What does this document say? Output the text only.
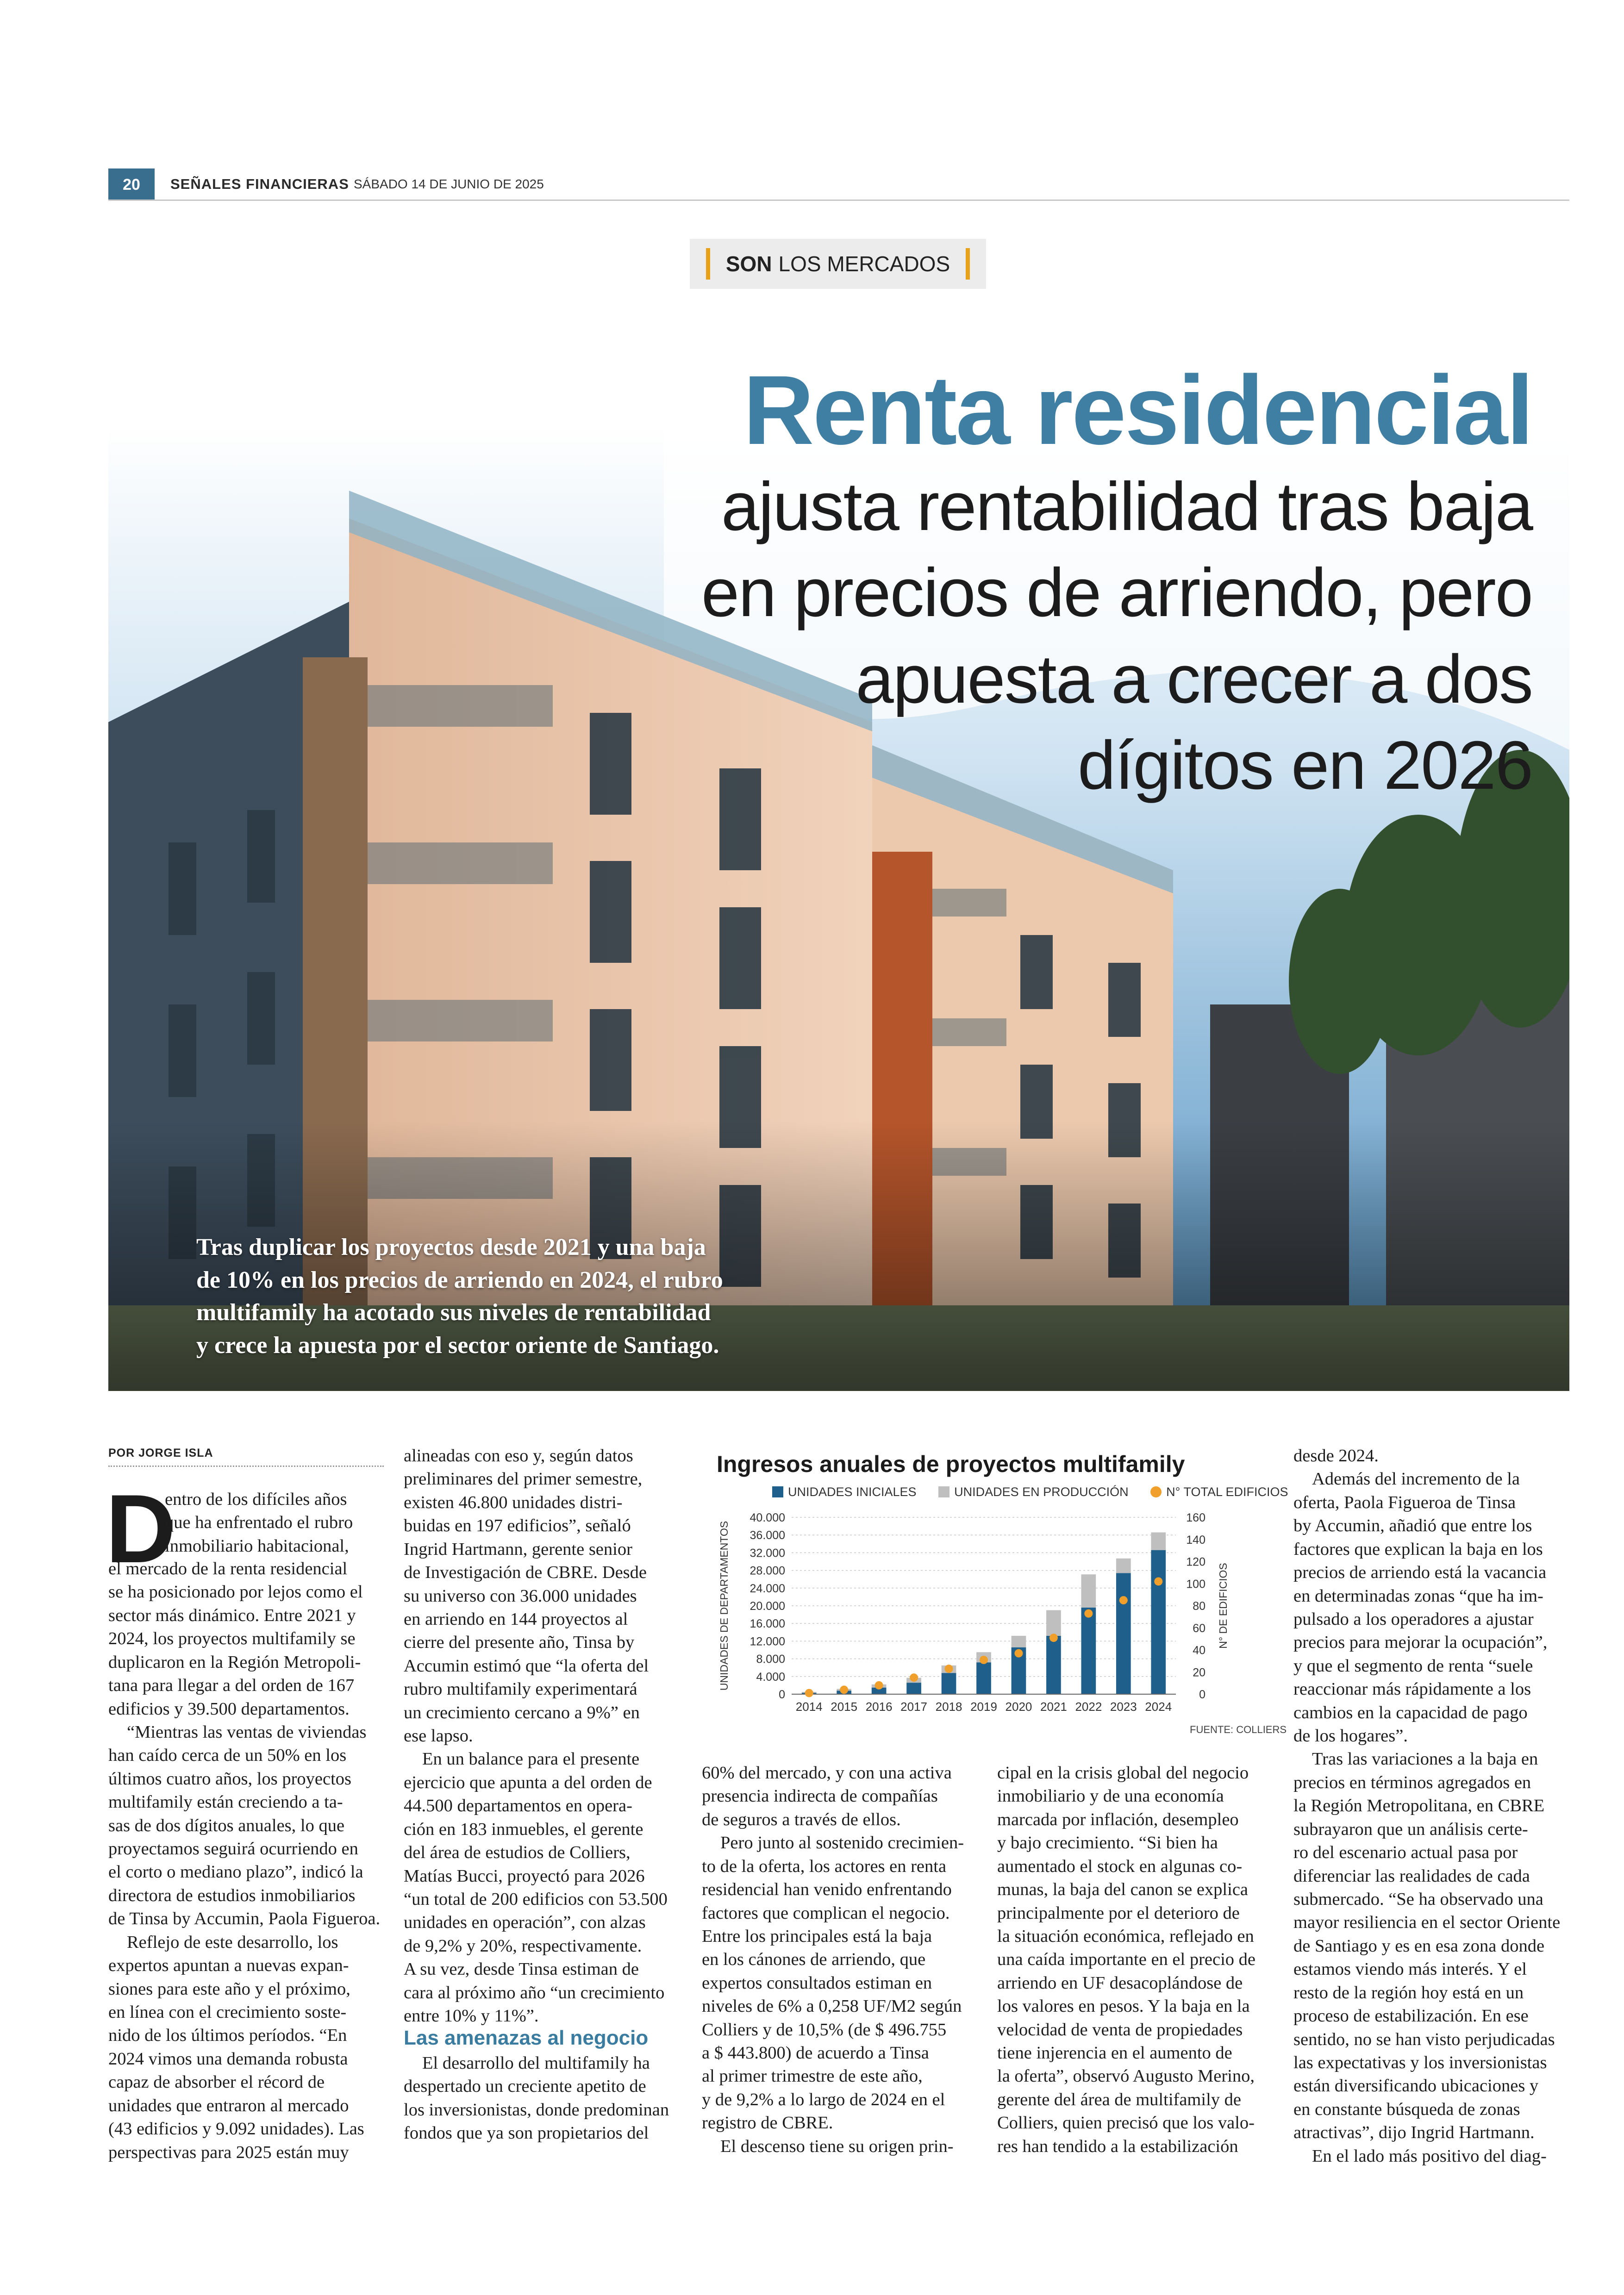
20	SEÑALES FINANCIERAS SÁBADO 14 DE JUNIO DE 2025
SON LOS MERCADOS
Renta residencial
ajusta rentabilidad tras baja
en precios de arriendo, pero
apuesta a crecer a dos
dígitos en 2026
Tras duplicar los proyectos desde 2021 y una baja
de 10% en los precios de arriendo en 2024, el rubro
multifamily ha acotado sus niveles de rentabilidad
y crece la apuesta por el sector oriente de Santiago.
POR JORGE ISLA
D
entro de los difíciles años
que ha enfrentado el rubro
inmobiliario habitacional,
el mercado de la renta residencial
se ha posicionado por lejos como el
sector más dinámico. Entre 2021 y
2024, los proyectos multifamily se
duplicaron en la Región Metropoli-
tana para llegar a del orden de 167
edificios y 39.500 departamentos.
“Mientras las ventas de viviendas
han caído cerca de un 50% en los
últimos cuatro años, los proyectos
multifamily están creciendo a ta-
sas de dos dígitos anuales, lo que
proyectamos seguirá ocurriendo en
el corto o mediano plazo”, indicó la
directora de estudios inmobiliarios
de Tinsa by Accumin, Paola Figueroa.
Reflejo de este desarrollo, los
expertos apuntan a nuevas expan-
siones para este año y el próximo,
en línea con el crecimiento soste-
nido de los últimos períodos. “En
2024 vimos una demanda robusta
capaz de absorber el récord de
unidades que entraron al mercado
(43 edificios y 9.092 unidades). Las
perspectivas para 2025 están muy
alineadas con eso y, según datos
preliminares del primer semestre,
existen 46.800 unidades distri-
buidas en 197 edificios”, señaló
Ingrid Hartmann, gerente senior
de Investigación de CBRE. Desde
su universo con 36.000 unidades
en arriendo en 144 proyectos al
cierre del presente año, Tinsa by
Accumin estimó que “la oferta del
rubro multifamily experimentará
un crecimiento cercano a 9%” en
ese lapso.
En un balance para el presente
ejercicio que apunta a del orden de
44.500 departamentos en opera-
ción en 183 inmuebles, el gerente
del área de estudios de Colliers,
Matías Bucci, proyectó para 2026
“un total de 200 edificios con 53.500
unidades en operación”, con alzas
de 9,2% y 20%, respectivamente.
A su vez, desde Tinsa estiman de
cara al próximo año “un crecimiento
entre 10% y 11%”.
Las amenazas al negocio
El desarrollo del multifamily ha
despertado un creciente apetito de
los inversionistas, donde predominan
fondos que ya son propietarios del
Ingresos anuales de proyectos multifamily
UNIDADES INICIALES	UNIDADES EN PRODUCCIÓN	N° TOTAL EDIFICIOS
0
4.000
8.000
12.000
16.000
20.000
24.000
28.000
32.000
36.000
40.000
0
20
40
60
80
100
120
140
160
UNIDADES DE DEPARTAMENTOS	N° DE EDIFICIOS
2014 2015 2016 2017 2018 2019 2020 2021 2022 2023 2024
FUENTE: COLLIERS
60% del mercado, y con una activa
presencia indirecta de compañías
de seguros a través de ellos.
Pero junto al sostenido crecimien-
to de la oferta, los actores en renta
residencial han venido enfrentando
factores que complican el negocio.
Entre los principales está la baja
en los cánones de arriendo, que
expertos consultados estiman en
niveles de 6% a 0,258 UF/M2 según
Colliers y de 10,5% (de $ 496.755
a $ 443.800) de acuerdo a Tinsa
al primer trimestre de este año,
y de 9,2% a lo largo de 2024 en el
registro de CBRE.
El descenso tiene su origen prin-
cipal en la crisis global del negocio
inmobiliario y de una economía
marcada por inflación, desempleo
y bajo crecimiento. “Si bien ha
aumentado el stock en algunas co-
munas, la baja del canon se explica
principalmente por el deterioro de
la situación económica, reflejado en
una caída importante en el precio de
arriendo en UF desacoplándose de
los valores en pesos. Y la baja en la
velocidad de venta de propiedades
tiene injerencia en el aumento de
la oferta”, observó Augusto Merino,
gerente del área de multifamily de
Colliers, quien precisó que los valo-
res han tendido a la estabilización
desde 2024.
Además del incremento de la
oferta, Paola Figueroa de Tinsa
by Accumin, añadió que entre los
factores que explican la baja en los
precios de arriendo está la vacancia
en determinadas zonas “que ha im-
pulsado a los operadores a ajustar
precios para mejorar la ocupación”,
y que el segmento de renta “suele
reaccionar más rápidamente a los
cambios en la capacidad de pago
de los hogares”.
Tras las variaciones a la baja en
precios en términos agregados en
la Región Metropolitana, en CBRE
subrayaron que un análisis certe-
ro del escenario actual pasa por
diferenciar las realidades de cada
submercado. “Se ha observado una
mayor resiliencia en el sector Oriente
de Santiago y es en esa zona donde
estamos viendo más interés. Y el
resto de la región hoy está en un
proceso de estabilización. En ese
sentido, no se han visto perjudicadas
las expectativas y los inversionistas
están diversificando ubicaciones y
en constante búsqueda de zonas
atractivas”, dijo Ingrid Hartmann.
En el lado más positivo del diag-
